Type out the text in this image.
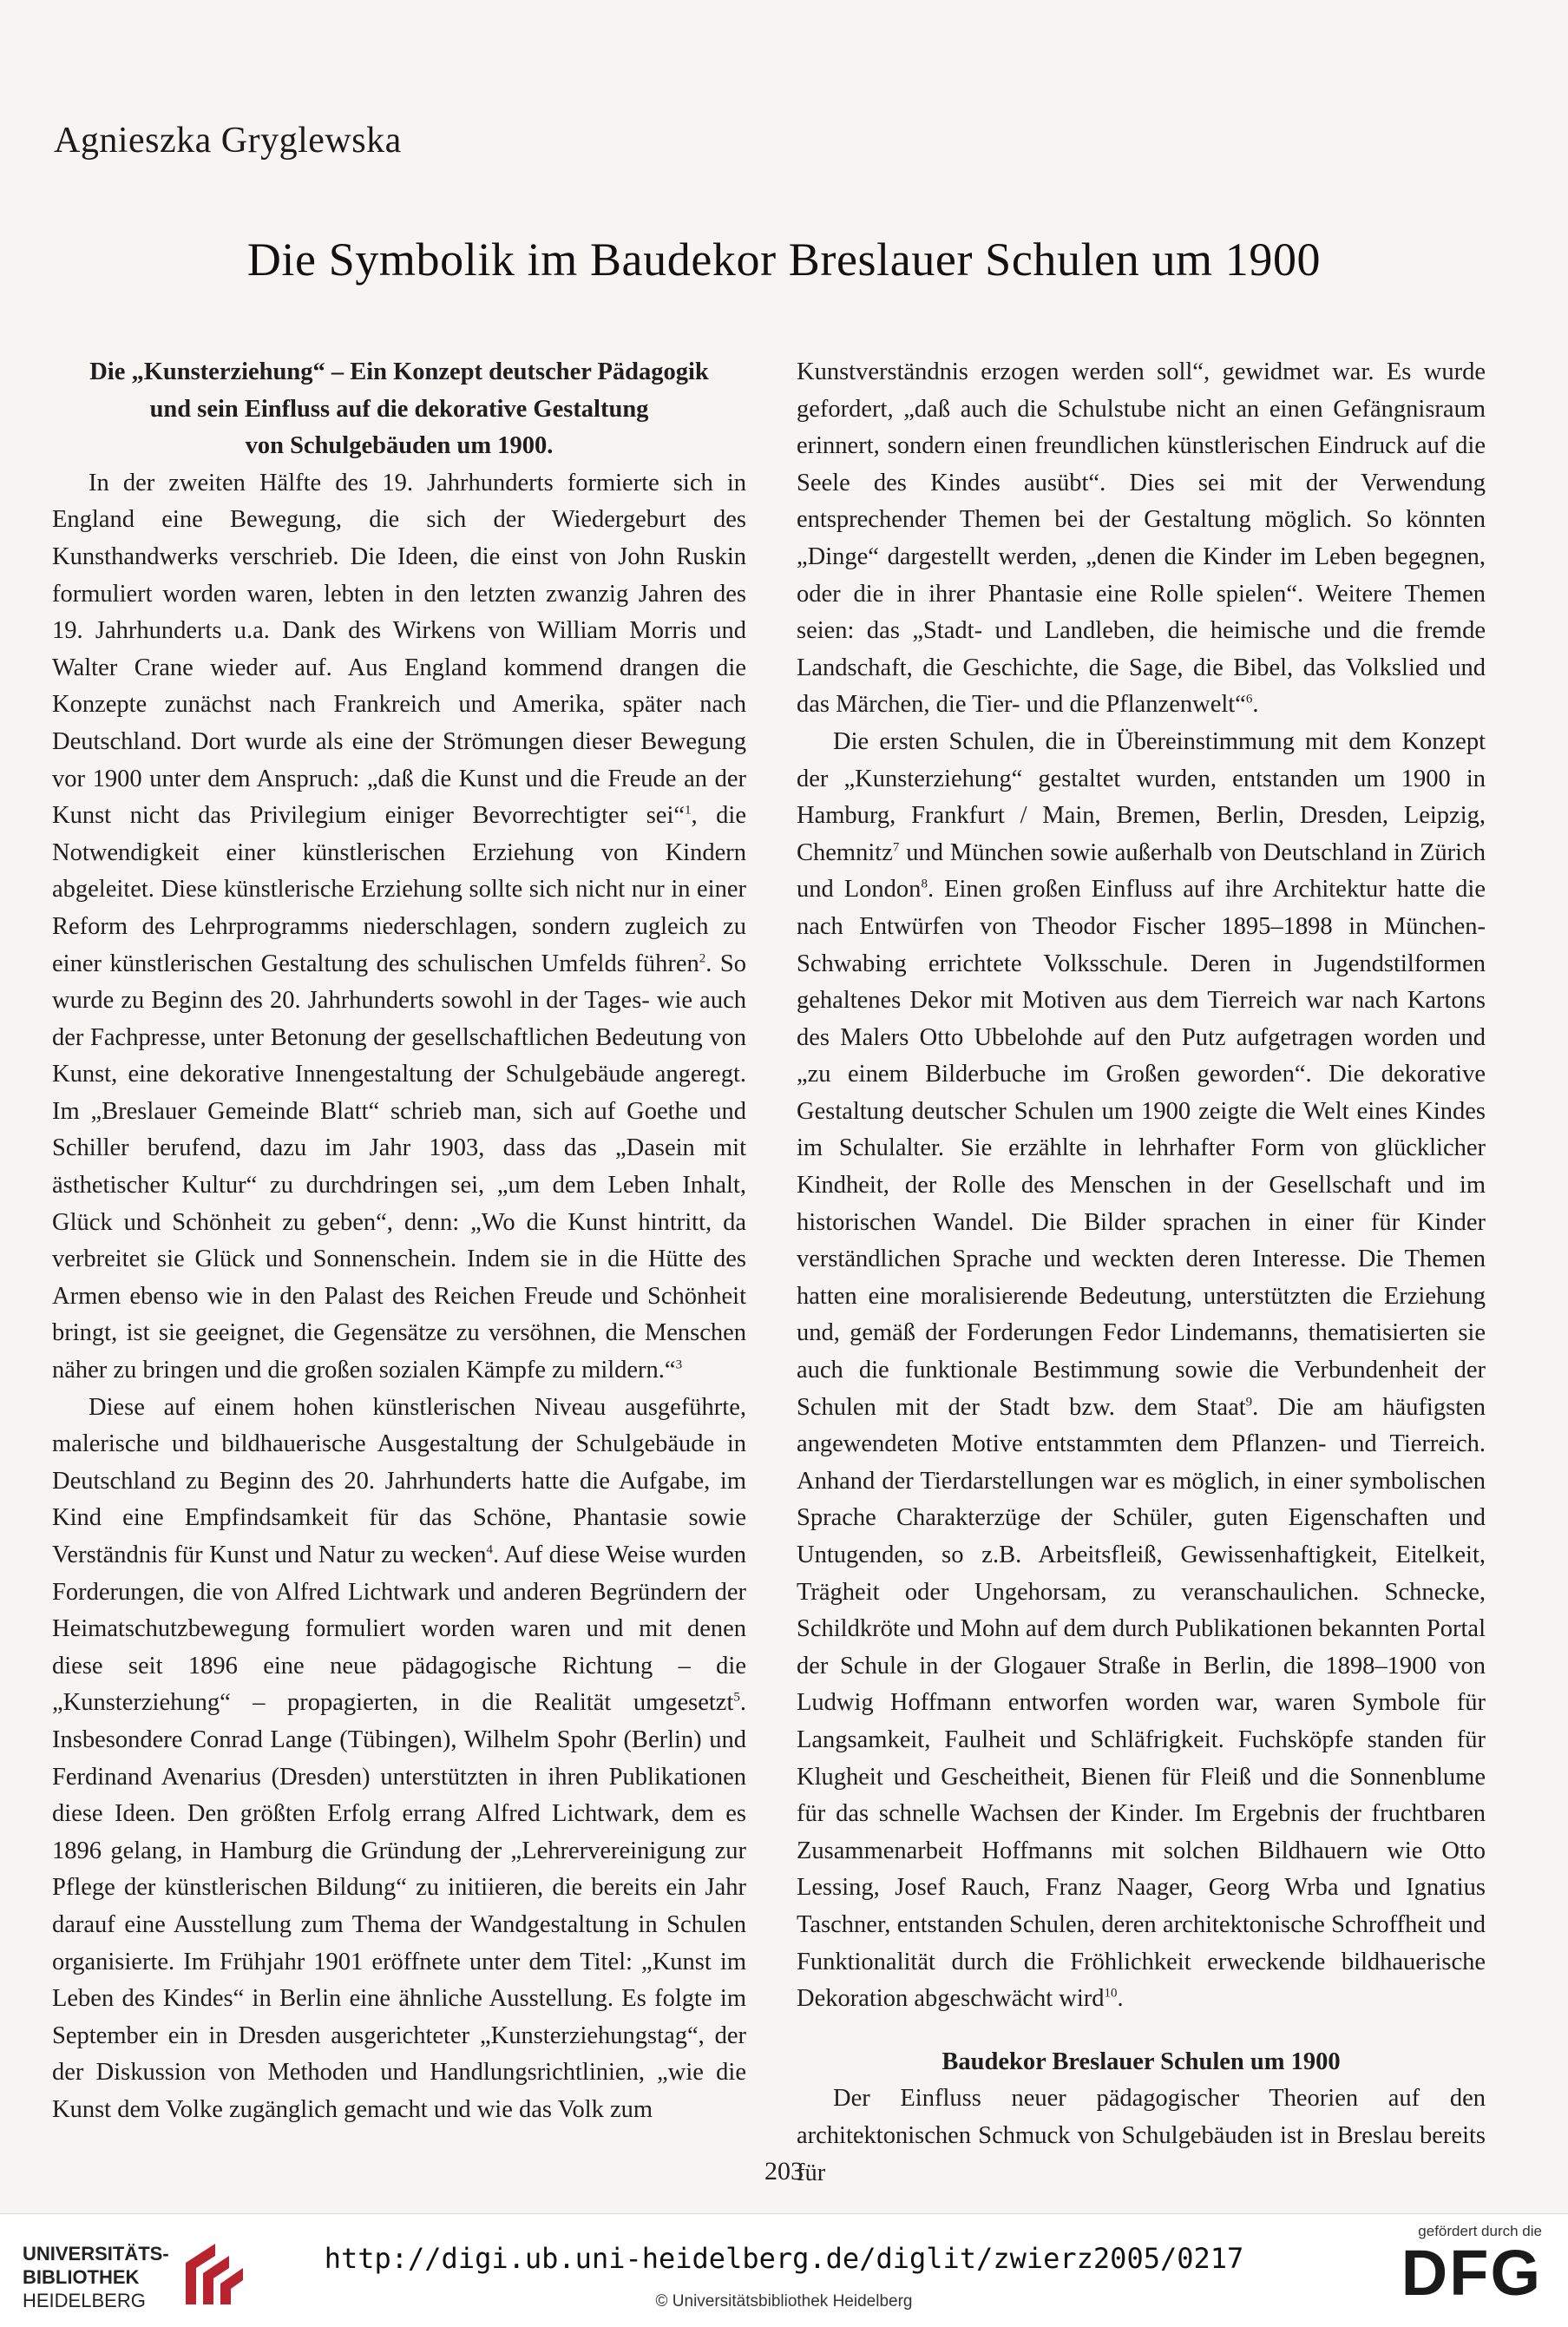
Agnieszka Gryglewska
Die Symbolik im Baudekor Breslauer Schulen um 1900
Die „Kunsterziehung“ – Ein Konzept deutscher Pädagogik
und sein Einfluss auf die dekorative Gestaltung
von Schulgebäuden um 1900.

In der zweiten Hälfte des 19. Jahrhunderts formierte sich in England eine Bewegung, die sich der Wiedergeburt des Kunsthandwerks verschrieb. Die Ideen, die einst von John Ruskin formuliert worden waren, lebten in den letzten zwanzig Jahren des 19. Jahrhunderts u.a. Dank des Wirkens von William Morris und Walter Crane wieder auf. Aus England kommend drangen die Konzepte zunächst nach Frankreich und Amerika, später nach Deutschland. Dort wurde als eine der Strömungen dieser Bewegung vor 1900 unter dem Anspruch: „daß die Kunst und die Freude an der Kunst nicht das Privilegium einiger Bevorrechtigter sei“$^1$, die Notwendigkeit einer künstlerischen Erziehung von Kindern abgeleitet. Diese künstlerische Erziehung sollte sich nicht nur in einer Reform des Lehrprogramms niederschlagen, sondern zugleich zu einer künstlerischen Gestaltung des schulischen Umfelds führen$^2$. So wurde zu Beginn des 20. Jahrhunderts sowohl in der Tages- wie auch der Fachpresse, unter Betonung der gesellschaftlichen Bedeutung von Kunst, eine dekorative Innengestaltung der Schulgebäude angeregt. Im „Breslauer Gemeinde Blatt“ schrieb man, sich auf Goethe und Schiller berufend, dazu im Jahr 1903, dass das „Dasein mit ästhetischer Kultur“ zu durchdringen sei, „um dem Leben Inhalt, Glück und Schönheit zu geben“, denn: „Wo die Kunst hintritt, da verbreitet sie Glück und Sonnenschein. Indem sie in die Hütte des Armen ebenso wie in den Palast des Reichen Freude und Schönheit bringt, ist sie geeignet, die Gegensätze zu versöhnen, die Menschen näher zu bringen und die großen sozialen Kämpfe zu mildern.“$^3$

Diese auf einem hohen künstlerischen Niveau ausgeführte, malerische und bildhauerische Ausgestaltung der Schulgebäude in Deutschland zu Beginn des 20. Jahrhunderts hatte die Aufgabe, im Kind eine Empfindsamkeit für das Schöne, Phantasie sowie Verständnis für Kunst und Natur zu wecken$^4$. Auf diese Weise wurden Forderungen, die von Alfred Lichtwark und anderen Begründern der Heimatschutzbewegung formuliert worden waren und mit denen diese seit 1896 eine neue pädagogische Richtung – die „Kunsterziehung“ – propagierten, in die Realität umgesetzt$^5$. Insbesondere Conrad Lange (Tübingen), Wilhelm Spohr (Berlin) und Ferdinand Avenarius (Dresden) unterstützten in ihren Publikationen diese Ideen. Den größten Erfolg errang Alfred Lichtwark, dem es 1896 gelang, in Hamburg die Gründung der „Lehrervereinigung zur Pflege der künstlerischen Bildung“ zu initiieren, die bereits ein Jahr darauf eine Ausstellung zum Thema der Wandgestaltung in Schulen organisierte. Im Frühjahr 1901 eröffnete unter dem Titel: „Kunst im Leben des Kindes“ in Berlin eine ähnliche Ausstellung. Es folgte im September ein in Dresden ausgerichteter „Kunsterziehungstag“, der der Diskussion von Methoden und Handlungsrichtlinien, „wie die Kunst dem Volke zugänglich gemacht und wie das Volk zum

Kunstverständnis erzogen werden soll“, gewidmet war. Es wurde gefordert, „daß auch die Schulstube nicht an einen Gefängnisraum erinnert, sondern einen freundlichen künstlerischen Eindruck auf die Seele des Kindes ausübt“. Dies sei mit der Verwendung entsprechender Themen bei der Gestaltung möglich. So könnten „Dinge“ dargestellt werden, „denen die Kinder im Leben begegnen, oder die in ihrer Phantasie eine Rolle spielen“. Weitere Themen seien: das „Stadt- und Landleben, die heimische und die fremde Landschaft, die Geschichte, die Sage, die Bibel, das Volkslied und das Märchen, die Tier- und die Pflanzenwelt“$^6$.

Die ersten Schulen, die in Übereinstimmung mit dem Konzept der „Kunsterziehung“ gestaltet wurden, entstanden um 1900 in Hamburg, Frankfurt / Main, Bremen, Berlin, Dresden, Leipzig, Chemnitz$^7$ und München sowie außerhalb von Deutschland in Zürich und London$^8$. Einen großen Einfluss auf ihre Architektur hatte die nach Entwürfen von Theodor Fischer 1895–1898 in München-Schwabing errichtete Volksschule. Deren in Jugendstilformen gehaltenes Dekor mit Motiven aus dem Tierreich war nach Kartons des Malers Otto Ubbelohde auf den Putz aufgetragen worden und „zu einem Bilderbuche im Großen geworden“. Die dekorative Gestaltung deutscher Schulen um 1900 zeigte die Welt eines Kindes im Schulalter. Sie erzählte in lehrhafter Form von glücklicher Kindheit, der Rolle des Menschen in der Gesellschaft und im historischen Wandel. Die Bilder sprachen in einer für Kinder verständlichen Sprache und weckten deren Interesse. Die Themen hatten eine moralisierende Bedeutung, unterstützten die Erziehung und, gemäß der Forderungen Fedor Lindemanns, thematisierten sie auch die funktionale Bestimmung sowie die Verbundenheit der Schulen mit der Stadt bzw. dem Staat$^9$. Die am häufigsten angewendeten Motive entstammten dem Pflanzen- und Tierreich. Anhand der Tierdarstellungen war es möglich, in einer symbolischen Sprache Charakterzüge der Schüler, guten Eigenschaften und Untugenden, so z.B. Arbeitsfleiß, Gewissenhaftigkeit, Eitelkeit, Trägheit oder Ungehorsam, zu veranschaulichen. Schnecke, Schildkröte und Mohn auf dem durch Publikationen bekannten Portal der Schule in der Glogauer Straße in Berlin, die 1898–1900 von Ludwig Hoffmann entworfen worden war, waren Symbole für Langsamkeit, Faulheit und Schläfrigkeit. Fuchsköpfe standen für Klugheit und Gescheitheit, Bienen für Fleiß und die Sonnenblume für das schnelle Wachsen der Kinder. Im Ergebnis der fruchtbaren Zusammenarbeit Hoffmanns mit solchen Bildhauern wie Otto Lessing, Josef Rauch, Franz Naager, Georg Wrba und Ignatius Taschner, entstanden Schulen, deren architektonische Schroffheit und Funktionalität durch die Fröhlichkeit erweckende bildhauerische Dekoration abgeschwächt wird$^{10}$.

Baudekor Breslauer Schulen um 1900

Der Einfluss neuer pädagogischer Theorien auf den architektonischen Schmuck von Schulgebäuden ist in Breslau bereits für

203
UNIVERSITÄTS-
BIBLIOTHEK
HEIDELBERG
http://digi.ub.uni-heidelberg.de/diglit/zwierz2005/0217
© Universitätsbibliothek Heidelberg
gefördert durch die
DFG
